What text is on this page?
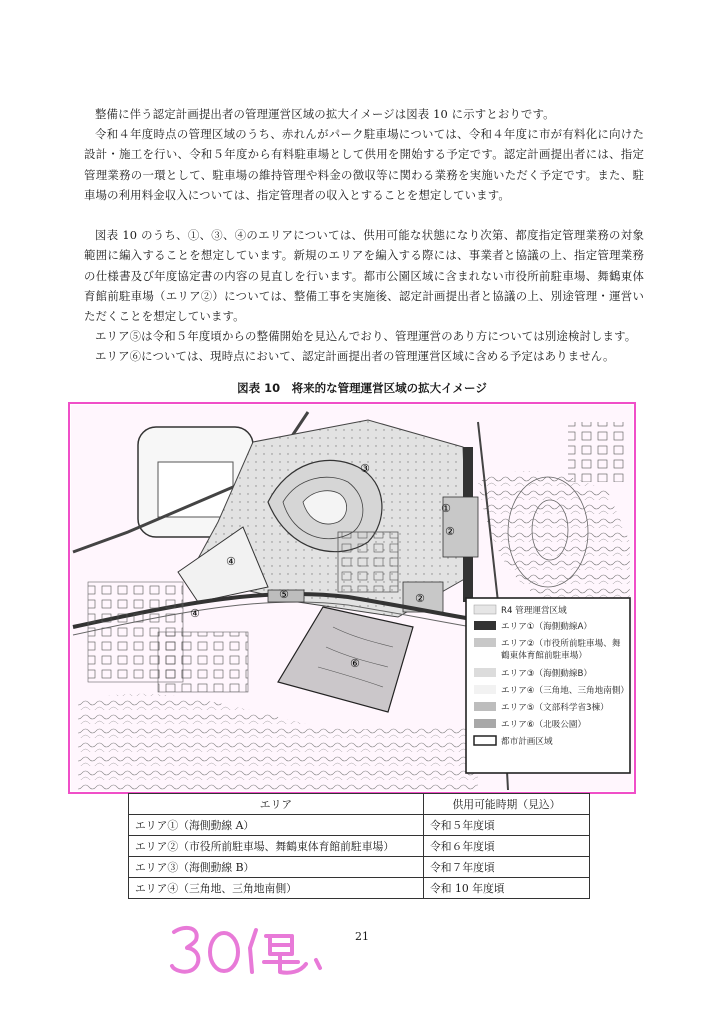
整備に伴う認定計画提出者の管理運営区域の拡大イメージは図表 10 に示すとおりです。

令和４年度時点の管理区域のうち、赤れんがパーク駐車場については、令和４年度に市が有料化に向けた設計・施工を行い、令和５年度から有料駐車場として供用を開始する予定です。認定計画提出者には、指定管理業務の一環として、駐車場の維持管理や料金の徴収等に関わる業務を実施いただく予定です。また、駐車場の利用料金収入については、指定管理者の収入とすることを想定しています。

図表 10 のうち、①、③、④のエリアについては、供用可能な状態になり次第、都度指定管理業務の対象範囲に編入することを想定しています。新規のエリアを編入する際には、事業者と協議の上、指定管理業務の仕様書及び年度協定書の内容の見直しを行います。都市公園区域に含まれない市役所前駐車場、舞鶴東体育館前駐車場（エリア②）については、整備工事を実施後、認定計画提出者と協議の上、別途管理・運営いただくことを想定しています。

エリア⑤は令和５年度頃からの整備開始を見込んでおり、管理運営のあり方については別途検討します。

エリア⑥については、現時点において、認定計画提出者の管理運営区域に含める予定はありません。

図表 10　将来的な管理運営区域の拡大イメージ
①
②
②
③
④
④
⑤
⑥
R4 管理運営区域
エリア①（海側動線A）
エリア②（市役所前駐車場、舞
鶴東体育館前駐車場）
エリア③（海側動線B）
エリア④（三角地、三角地南側）
エリア⑤（文部科学省3棟）
エリア⑥（北吸公園）
都市計画区域
エリア	供用可能時期（見込）
エリア①（海側動線 A）	令和５年度頃
エリア②（市役所前駐車場、舞鶴東体育館前駐車場）	令和６年度頃
エリア③（海側動線 B）	令和７年度頃
エリア④（三角地、三角地南側）	令和 10 年度頃
21
